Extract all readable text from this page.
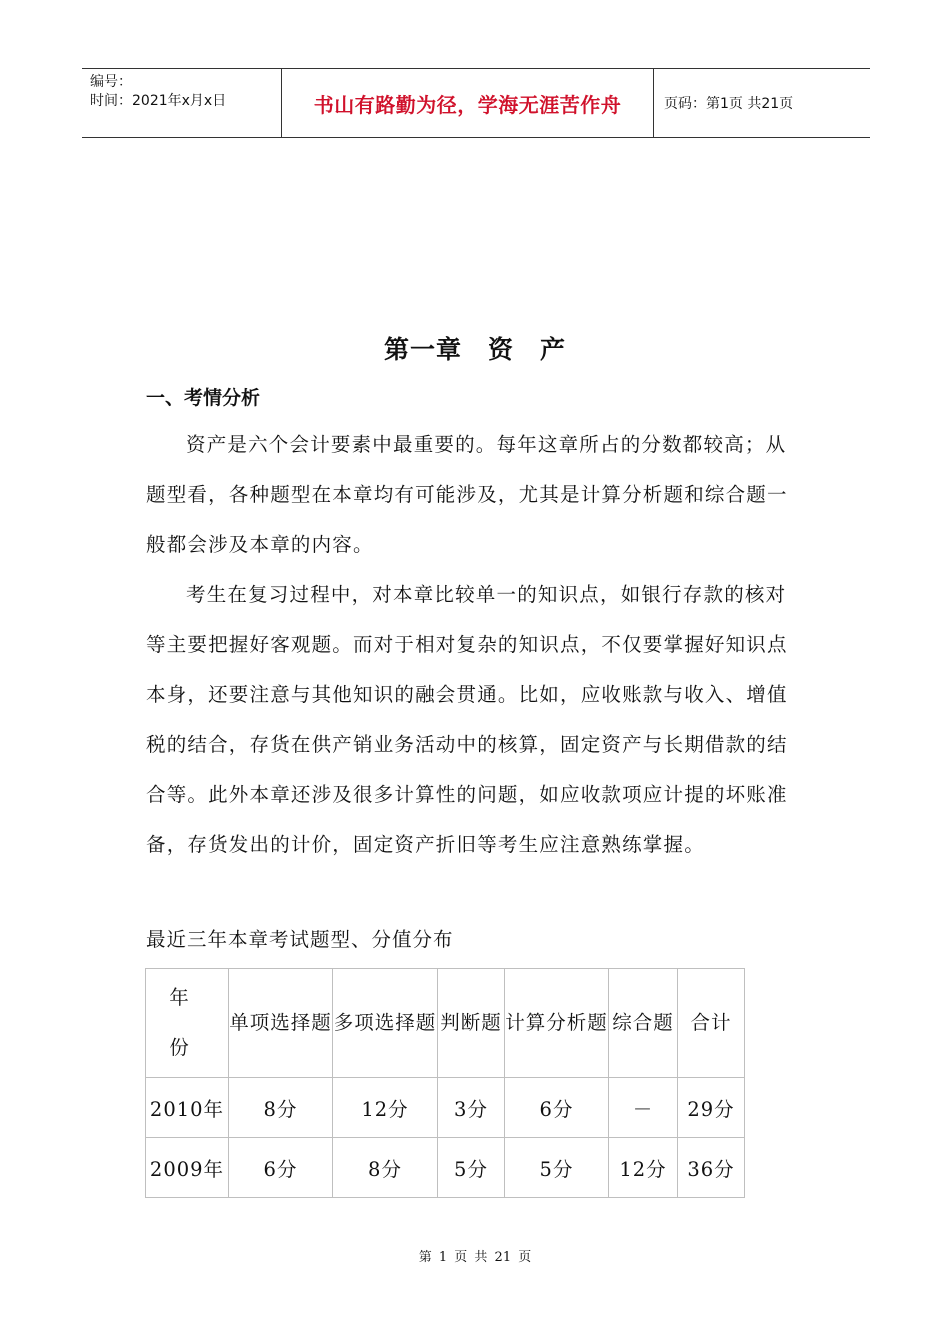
编号：
时间：2021年x月x日	书山有路勤为径，学海无涯苦作舟	页码：第1页 共21页
第一章　资　产
一、考情分析

资产是六个会计要素中最重要的。每年这章所占的分数都较高；从题型看，各种题型在本章均有可能涉及，尤其是计算分析题和综合题一般都会涉及本章的内容。

考生在复习过程中，对本章比较单一的知识点，如银行存款的核对等主要把握好客观题。而对于相对复杂的知识点，不仅要掌握好知识点本身，还要注意与其他知识的融会贯通。比如，应收账款与收入、增值税的结合，存货在供产销业务活动中的核算，固定资产与长期借款的结合等。此外本章还涉及很多计算性的问题，如应收款项应计提的坏账准备，存货发出的计价，固定资产折旧等考生应注意熟练掌握。

最近三年本章考试题型、分值分布
年 份	单项选择题	多项选择题	判断题	计算分析题	综合题	合计
2010年	8分	12分	3分	6分	－	29分
2009年	6分	8分	5分	5分	12分	36分
第 1 页 共 21 页
